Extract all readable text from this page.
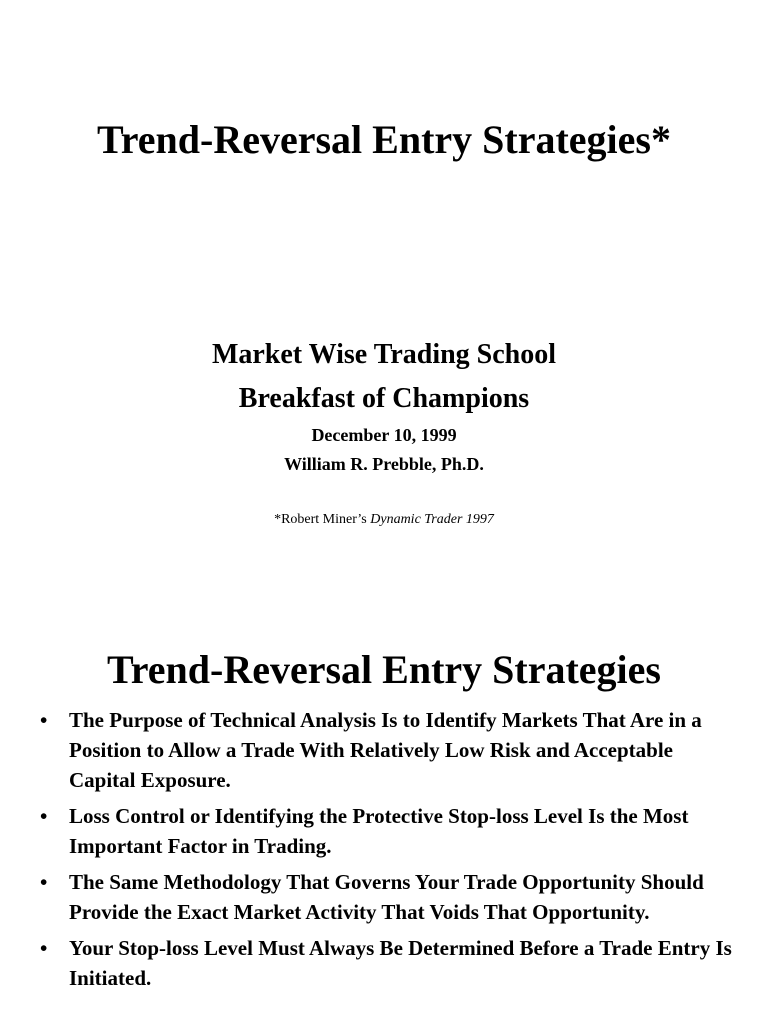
Trend-Reversal Entry Strategies*

Market Wise Trading School

Breakfast of Champions

December 10, 1999

William R. Prebble, Ph.D.

*Robert Miner’s Dynamic Trader 1997
Trend-Reversal Entry Strategies
• The Purpose of Technical Analysis Is to Identify Markets That Are in a Position to Allow a Trade With Relatively Low Risk and Acceptable Capital Exposure.
• Loss Control or Identifying the Protective Stop-loss Level Is the Most Important Factor in Trading.
• The Same Methodology That Governs Your Trade Opportunity Should Provide the Exact Market Activity That Voids That Opportunity.
• Your Stop-loss Level Must Always Be Determined Before a Trade Entry Is Initiated.
